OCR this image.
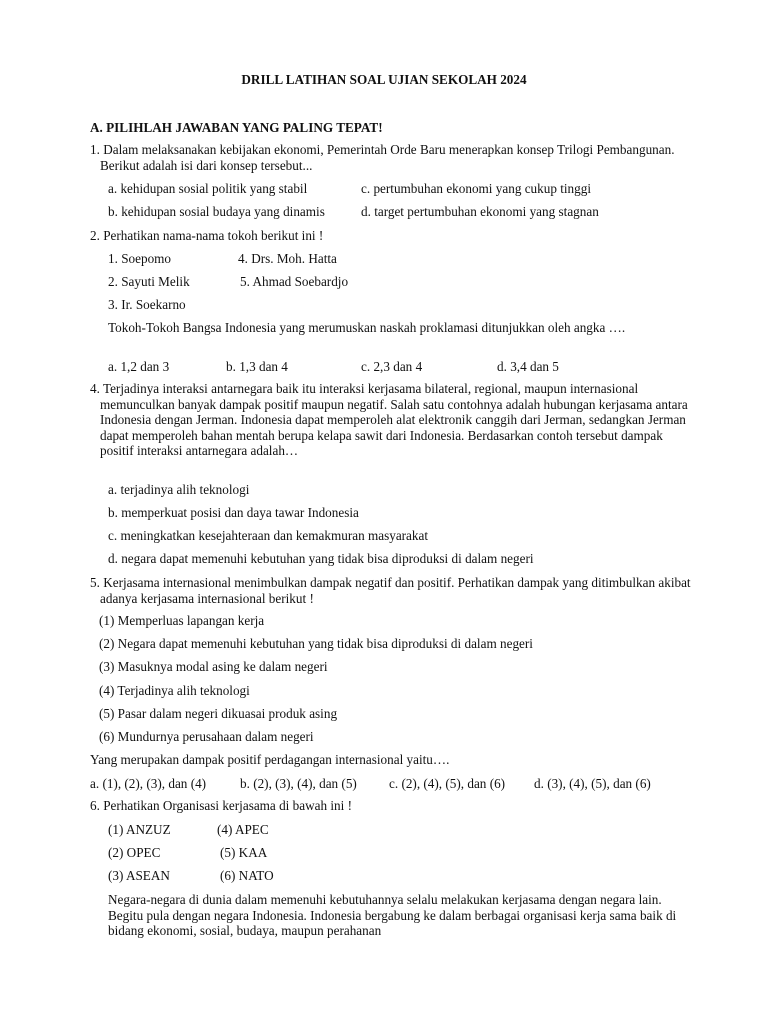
DRILL LATIHAN SOAL UJIAN SEKOLAH 2024
A. PILIHLAH JAWABAN YANG PALING TEPAT!
1. Dalam melaksanakan kebijakan ekonomi, Pemerintah Orde Baru menerapkan konsep Trilogi Pembangunan. Berikut adalah isi dari konsep tersebut...
a. kehidupan sosial politik yang stabil	c. pertumbuhan ekonomi yang cukup tinggi
b. kehidupan sosial budaya yang dinamis	d. target pertumbuhan ekonomi yang stagnan
2. Perhatikan nama-nama tokoh berikut ini !
1. Soepomo	4. Drs. Moh. Hatta
2. Sayuti Melik	5. Ahmad Soebardjo
3. Ir. Soekarno
Tokoh-Tokoh Bangsa Indonesia yang merumuskan naskah proklamasi ditunjukkan oleh angka ….
a. 1,2 dan 3	b. 1,3 dan 4	c. 2,3 dan 4	d. 3,4 dan 5
4. Terjadinya interaksi antarnegara baik itu interaksi kerjasama bilateral, regional, maupun internasional memunculkan banyak dampak positif maupun negatif. Salah satu contohnya adalah hubungan kerjasama antara Indonesia dengan Jerman. Indonesia dapat memperoleh alat elektronik canggih dari Jerman, sedangkan Jerman dapat memperoleh bahan mentah berupa kelapa sawit dari Indonesia. Berdasarkan contoh tersebut dampak positif interaksi antarnegara adalah…
a. terjadinya alih teknologi
b. memperkuat posisi dan daya tawar Indonesia
c. meningkatkan kesejahteraan dan kemakmuran masyarakat
d. negara dapat memenuhi kebutuhan yang tidak bisa diproduksi di dalam negeri
5. Kerjasama internasional menimbulkan dampak negatif dan positif. Perhatikan dampak yang ditimbulkan akibat adanya kerjasama internasional berikut !
(1) Memperluas lapangan kerja
(2) Negara dapat memenuhi kebutuhan yang tidak bisa diproduksi di dalam negeri
(3) Masuknya modal asing ke dalam negeri
(4) Terjadinya alih teknologi
(5) Pasar dalam negeri dikuasai produk asing
(6) Mundurnya perusahaan dalam negeri
Yang merupakan dampak positif perdagangan internasional yaitu….
a. (1), (2), (3), dan (4)	b. (2), (3), (4), dan (5) c. (2), (4), (5), dan (6) d. (3), (4), (5), dan (6)
6. Perhatikan Organisasi kerjasama di bawah ini !
(1) ANZUZ	(4) APEC
(2) OPEC	(5) KAA
(3) ASEAN	(6) NATO
Negara-negara di dunia dalam memenuhi kebutuhannya selalu melakukan kerjasama dengan negara lain. Begitu pula dengan negara Indonesia. Indonesia bergabung ke dalam berbagai organisasi kerja sama baik di bidang ekonomi, sosial, budaya, maupun perahanan
